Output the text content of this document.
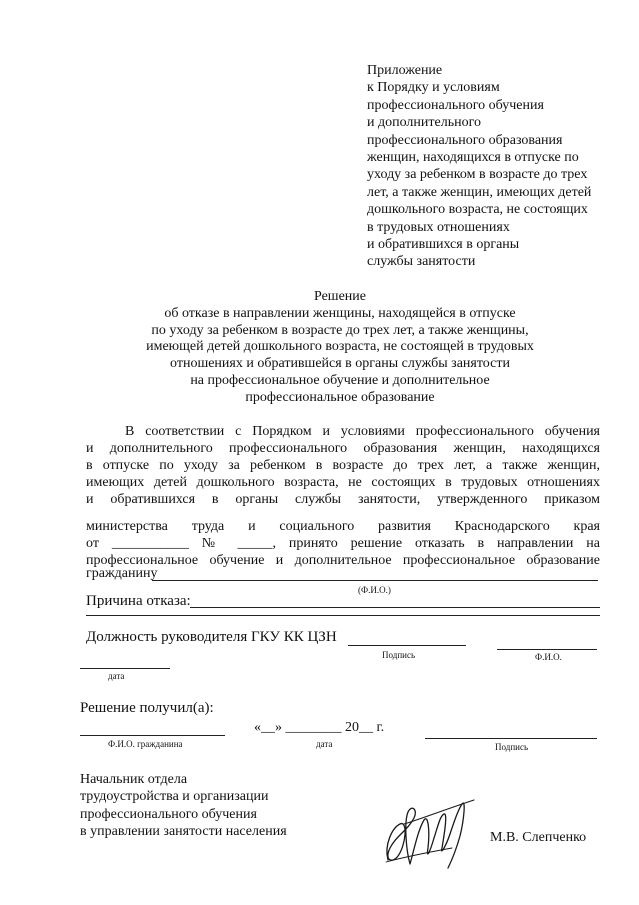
Приложение
к Порядку и условиям
профессионального обучения
и дополнительного
профессионального образования
женщин, находящихся в отпуске по
уходу за ребенком в возрасте до трех
лет, а также женщин, имеющих детей
дошкольного возраста, не состоящих
в трудовых отношениях
и обратившихся в органы
службы занятости
Решение
об отказе в направлении женщины, находящейся в отпуске
по уходу за ребенком в возрасте до трех лет, а также женщины,
имеющей детей дошкольного возраста, не состоящей в трудовых
отношениях и обратившейся в органы службы занятости
на профессиональное обучение и дополнительное
профессиональное образование
В соответствии с Порядком и условиями профессионального обучения
и дополнительного профессионального образования женщин, находящихся
в отпуске по уходу за ребенком в возрасте до трех лет, а также женщин,
имеющих детей дошкольного возраста, не состоящих в трудовых отношениях
и обратившихся в органы службы занятости, утвержденного приказом
министерства труда и социального развития Краснодарского края
от ___________ № _____, принято решение отказать в направлении на
профессиональное обучение и дополнительное профессиональное образование
гражданину
(Ф.И.О.)
Причина отказа:
Должность руководителя ГКУ КК ЦЗН
Подпись	Ф.И.О.
дата
Решение получил(а):
Ф.И.О. гражданина
«__» ________ 20__ г.
дата	Подпись
Начальник отдела
трудоустройства и организации
профессионального обучения
в управлении занятости населения	М.В. Слепченко
